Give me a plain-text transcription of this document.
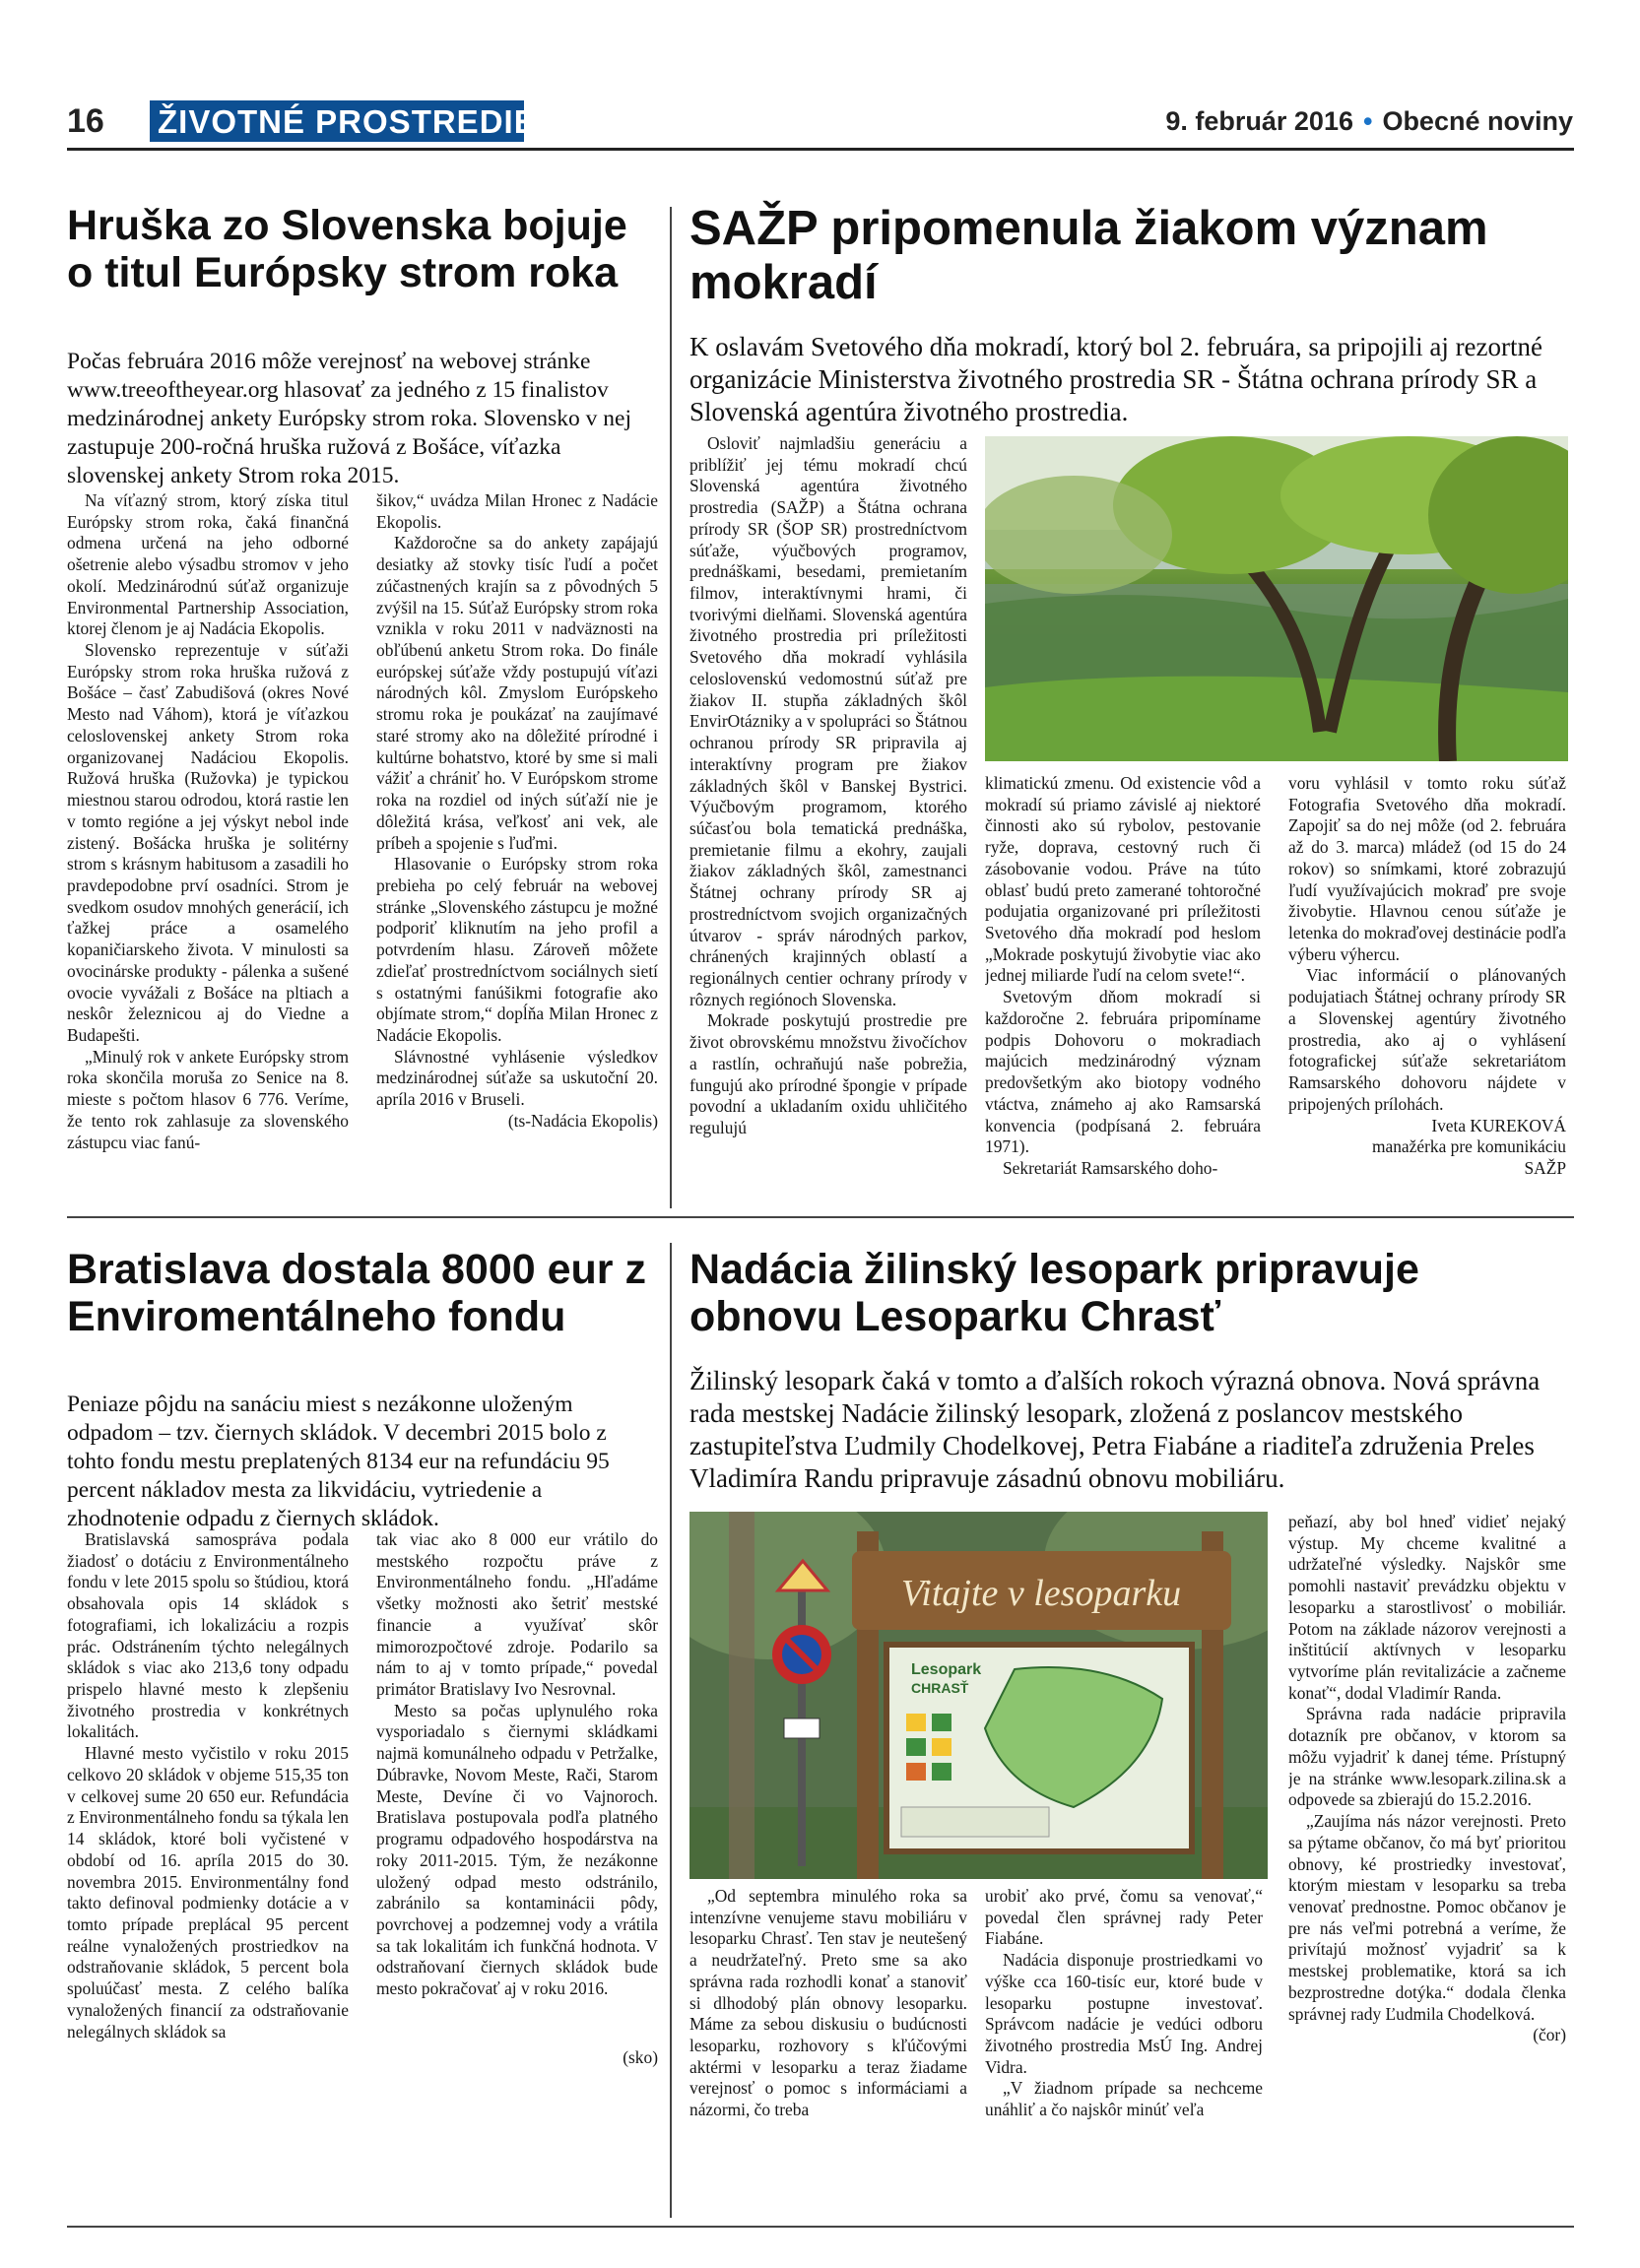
16 ŽIVOTNÉ PROSTREDIE	9. február 2016 • Obecné noviny
Hruška zo Slovenska bojuje o titul Európsky strom roka

Počas februára 2016 môže verejnosť na webovej stránke www.treeoftheyear.org hlasovať za jedného z 15 finalistov medzinárodnej ankety Európsky strom roka. Slovensko v nej zastupuje 200-ročná hruška ružová z Bošáce, víťazka slovenskej ankety Strom roka 2015.

Na víťazný strom, ktorý získa titul Európsky strom roka, čaká finančná odmena určená na jeho odborné ošetrenie alebo výsadbu stromov v jeho okolí. Medzinárodnú súťaž organizuje Environmental Partnership Association, ktorej členom je aj Nadácia Ekopolis.

Slovensko reprezentuje v súťaži Európsky strom roka hruška ružová z Bošáce – časť Zabudišová (okres Nové Mesto nad Váhom), ktorá je víťazkou celoslovenskej ankety Strom roka organizovanej Nadáciou Ekopolis. Ružová hruška (Ružovka) je typickou miestnou starou odrodou, ktorá rastie len v tomto regióne a jej výskyt nebol inde zistený. Bošácka hruška je solitérny strom s krásnym habitusom a zasadili ho pravdepodobne prví osadníci. Strom je svedkom osudov mnohých generácií, ich ťažkej práce a osamelého kopaničiarskeho života. V minulosti sa ovocinárske produkty - pálenka a sušené ovocie vyvážali z Bošáce na pltiach a neskôr železnicou aj do Viedne a Budapešti.

„Minulý rok v ankete Európsky strom roka skončila moruša zo Senice na 8. mieste s počtom hlasov 6 776. Veríme, že tento rok zahlasuje za slovenského zástupcu viac fanú-

šikov,“ uvádza Milan Hronec z Nadácie Ekopolis.

Každoročne sa do ankety zapájajú desiatky až stovky tisíc ľudí a počet zúčastnených krajín sa z pôvodných 5 zvýšil na 15. Súťaž Európsky strom roka vznikla v roku 2011 v nadväznosti na obľúbenú anketu Strom roka. Do finále európskej súťaže vždy postupujú víťazi národných kôl. Zmyslom Európskeho stromu roka je poukázať na zaujímavé staré stromy ako na dôležité prírodné i kultúrne bohatstvo, ktoré by sme si mali vážiť a chrániť ho. V Európskom strome roka na rozdiel od iných súťaží nie je dôležitá krása, veľkosť ani vek, ale príbeh a spojenie s ľuďmi.

Hlasovanie o Európsky strom roka prebieha po celý február na webovej stránke „Slovenského zástupcu je možné podporiť kliknutím na jeho profil a potvrdením hlasu. Zároveň môžete zdieľať prostredníctvom sociálnych sietí s ostatnými fanúšikmi fotografie ako objímate strom,“ dopĺňa Milan Hronec z Nadácie Ekopolis.

Slávnostné vyhlásenie výsledkov medzinárodnej súťaže sa uskutoční 20. apríla 2016 v Bruseli.

(ts-Nadácia Ekopolis)

SAŽP pripomenula žiakom význam mokradí

K oslavám Svetového dňa mokradí, ktorý bol 2. februára, sa pripojili aj rezortné organizácie Ministerstva životného prostredia SR - Štátna ochrana prírody SR a Slovenská agentúra životného prostredia.

Osloviť najmladšiu generáciu a priblížiť jej tému mokradí chcú Slovenská agentúra životného prostredia (SAŽP) a Štátna ochrana prírody SR (ŠOP SR) prostredníctvom súťaže, výučbových programov, prednáškami, besedami, premietaním filmov, interaktívnymi hrami, či tvorivými dielňami. Slovenská agentúra životného prostredia pri príležitosti Svetového dňa mokradí vyhlásila celoslovenskú vedomostnú súťaž pre žiakov II. stupňa základných škôl EnvirOtázniky a v spolupráci so Štátnou ochranou prírody SR pripravila aj interaktívny program pre žiakov základných škôl v Banskej Bystrici. Výučbovým programom, ktorého súčasťou bola tematická prednáška, premietanie filmu a ekohry, zaujali žiakov základných škôl, zamestnanci Štátnej ochrany prírody SR aj prostredníctvom svojich organizačných útvarov - správ národných parkov, chránených krajinných oblastí a regionálnych centier ochrany prírody v rôznych regiónoch Slovenska.

Mokrade poskytujú prostredie pre život obrovskému množstvu živočíchov a rastlín, ochraňujú naše pobrežia, fungujú ako prírodné špongie v prípade povodní a ukladaním oxidu uhličitého regulujú

klimatickú zmenu. Od existencie vôd a mokradí sú priamo závislé aj niektoré činnosti ako sú rybolov, pestovanie ryže, doprava, cestovný ruch či zásobovanie vodou. Práve na túto oblasť budú preto zamerané tohtoročné podujatia organizované pri príležitosti Svetového dňa mokradí pod heslom „Mokrade poskytujú živobytie viac ako jednej miliarde ľudí na celom svete!“.

Svetovým dňom mokradí si každoročne 2. februára pripomíname podpis Dohovoru o mokradiach majúcich medzinárodný význam predovšetkým ako biotopy vodného vtáctva, známeho aj ako Ramsarská konvencia (podpísaná 2. februára 1971).

Sekretariát Ramsarského doho-

voru vyhlásil v tomto roku súťaž Fotografia Svetového dňa mokradí. Zapojiť sa do nej môže (od 2. februára až do 3. marca) mládež (od 15 do 24 rokov) so snímkami, ktoré zobrazujú ľudí využívajúcich mokraď pre svoje živobytie. Hlavnou cenou súťaže je letenka do mokraďovej destinácie podľa výberu výhercu.

Viac informácií o plánovaných podujatiach Štátnej ochrany prírody SR a Slovenskej agentúry životného prostredia, ako aj o vyhlásení fotografickej súťaže sekretariátom Ramsarského dohovoru nájdete v pripojených prílohách.

Iveta KUREKOVÁ

manažérka pre komunikáciu

SAŽP

Bratislava dostala 8000 eur z Enviromentálneho fondu

Peniaze pôjdu na sanáciu miest s nezákonne uloženým odpadom – tzv. čiernych skládok. V decembri 2015 bolo z tohto fondu mestu preplatených 8134 eur na refundáciu 95 percent nákladov mesta za likvidáciu, vytriedenie a zhodnotenie odpadu z čiernych skládok.

Bratislavská samospráva podala žiadosť o dotáciu z Environmentálneho fondu v lete 2015 spolu so štúdiou, ktorá obsahovala opis 14 skládok s fotografiami, ich lokalizáciu a rozpis prác. Odstránením týchto nelegálnych skládok s viac ako 213,6 tony odpadu prispelo hlavné mesto k zlepšeniu životného prostredia v konkrétnych lokalitách.

Hlavné mesto vyčistilo v roku 2015 celkovo 20 skládok v objeme 515,35 ton v celkovej sume 20 650 eur. Refundácia z Environmentálneho fondu sa týkala len 14 skládok, ktoré boli vyčistené v období od 16. apríla 2015 do 30. novembra 2015. Environmentálny fond takto definoval podmienky dotácie a v tomto prípade preplácal 95 percent reálne vynaložených prostriedkov na odstraňovanie skládok, 5 percent bola spoluúčasť mesta. Z celého balíka vynaložených financií za odstraňovanie nelegálnych skládok sa

tak viac ako 8 000 eur vrátilo do mestského rozpočtu práve z Environmentálneho fondu. „Hľadáme všetky možnosti ako šetriť mestské financie a využívať skôr mimorozpočtové zdroje. Podarilo sa nám to aj v tomto prípade,“ povedal primátor Bratislavy Ivo Nesrovnal.

Mesto sa počas uplynulého roka vysporiadalo s čiernymi skládkami najmä komunálneho odpadu v Petržalke, Dúbravke, Novom Meste, Rači, Starom Meste, Devíne či vo Vajnoroch. Bratislava postupovala podľa platného programu odpadového hospodárstva na roky 2011-2015. Tým, že nezákonne uložený odpad mesto odstránilo, zabránilo sa kontaminácii pôdy, povrchovej a podzemnej vody a vrátila sa tak lokalitám ich funkčná hodnota. V odstraňovaní čiernych skládok bude mesto pokračovať aj v roku 2016.

(sko)

Nadácia žilinský lesopark pripravuje obnovu Lesoparku Chrasť

Žilinský lesopark čaká v tomto a ďalších rokoch výrazná obnova. Nová správna rada mestskej Nadácie žilinský lesopark, zložená z poslancov mestského zastupiteľstva Ľudmily Chodelkovej, Petra Fiabáne a riaditeľa združenia Preles Vladimíra Randu pripravuje zásadnú obnovu mobiliáru.

Vitajte v lesoparku
Lesopark
CHRASŤ

peňazí, aby bol hneď vidieť nejaký výstup. My chceme kvalitné a udržateľné výsledky. Najskôr sme pomohli nastaviť prevádzku objektu v lesoparku a starostlivosť o mobiliár. Potom na základe názorov verejnosti a inštitúcií aktívnych v lesoparku vytvoríme plán revitalizácie a začneme konať“, dodal Vladimír Randa.

Správna rada nadácie pripravila dotazník pre občanov, v ktorom sa môžu vyjadriť k danej téme. Prístupný je na stránke www.lesopark.zilina.sk a odpovede sa zbierajú do 15.2.2016.

„Zaujíma nás názor verejnosti. Preto sa pýtame občanov, čo má byť prioritou obnovy, ké prostriedky investovať, ktorým miestam v lesoparku sa treba venovať prednostne. Pomoc občanov je pre nás veľmi potrebná a veríme, že privítajú možnosť vyjadriť sa k mestskej problematike, ktorá sa ich bezprostredne dotýka.“ dodala členka správnej rady Ľudmila Chodelková.

(čor)

„Od septembra minulého roka sa intenzívne venujeme stavu mobiliáru v lesoparku Chrasť. Ten stav je neutešený a neudržateľný. Preto sme sa ako správna rada rozhodli konať a stanoviť si dlhodobý plán obnovy lesoparku. Máme za sebou diskusiu o budúcnosti lesoparku, rozhovory s kľúčovými aktérmi v lesoparku a teraz žiadame verejnosť o pomoc s informáciami a názormi, čo treba

urobiť ako prvé, čomu sa venovať,“ povedal člen správnej rady Peter Fiabáne.

Nadácia disponuje prostriedkami vo výške cca 160-tisíc eur, ktoré bude v lesoparku postupne investovať. Správcom nadácie je vedúci odboru životného prostredia MsÚ Ing. Andrej Vidra.

„V žiadnom prípade sa nechceme unáhliť a čo najskôr minúť veľa
